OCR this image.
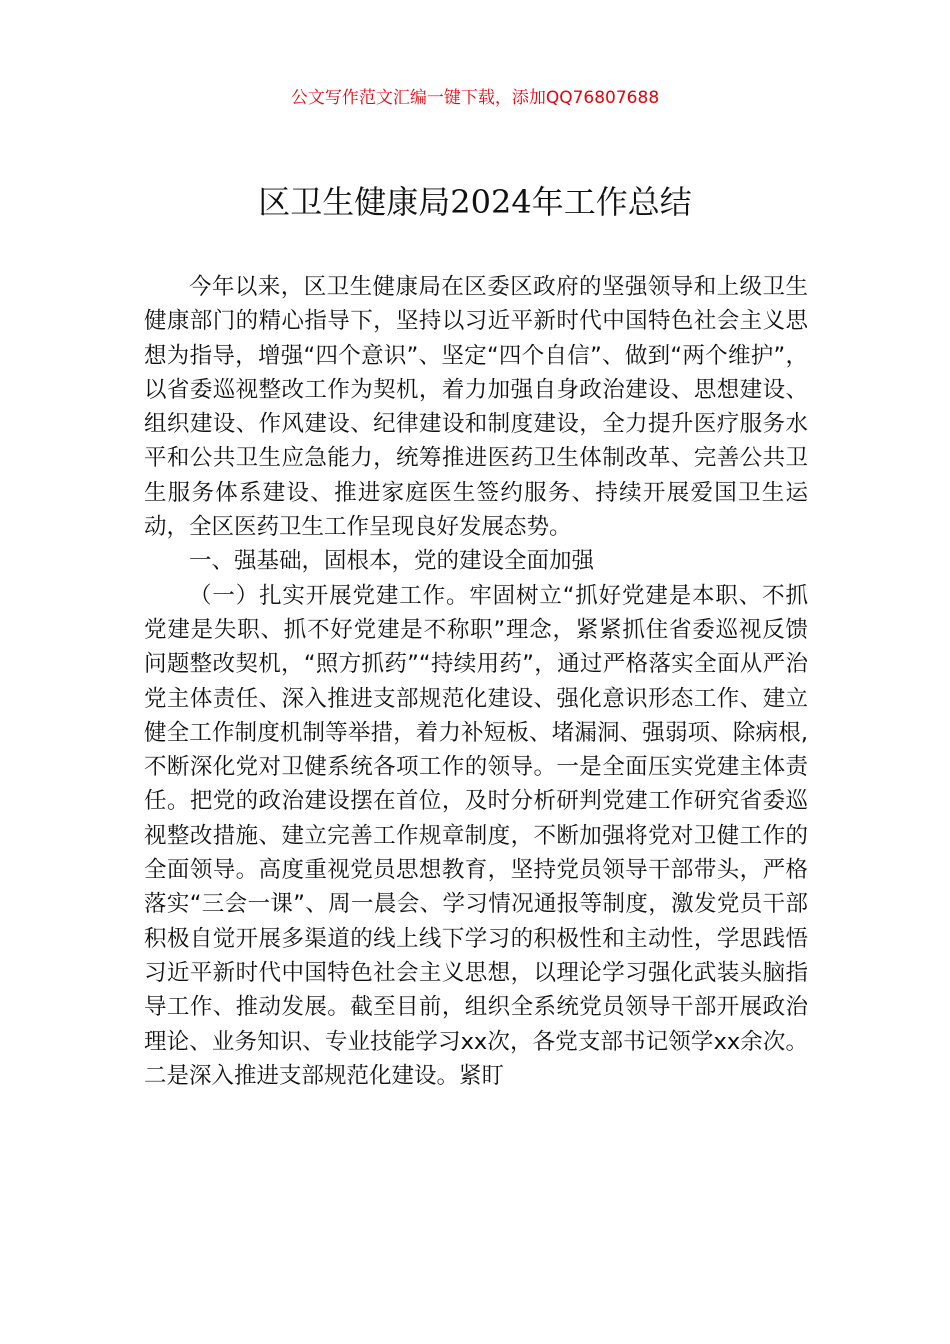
公文写作范文汇编一键下载，添加QQ76807688
区卫生健康局2024年工作总结

今年以来，区卫生健康局在区委区政府的坚强领导和上级卫生健康部门的精心指导下，坚持以习近平新时代中国特色社会主义思想为指导，增强“四个意识”、坚定“四个自信”、做到“两个维护”，以省委巡视整改工作为契机，着力加强自身政治建设、思想建设、组织建设、作风建设、纪律建设和制度建设，全力提升医疗服务水平和公共卫生应急能力，统筹推进医药卫生体制改革、完善公共卫生服务体系建设、推进家庭医生签约服务、持续开展爱国卫生运动，全区医药卫生工作呈现良好发展态势。

一、强基础，固根本，党的建设全面加强

（一）扎实开展党建工作。牢固树立“抓好党建是本职、不抓党建是失职、抓不好党建是不称职”理念，紧紧抓住省委巡视反馈问题整改契机，“照方抓药”“持续用药”，通过严格落实全面从严治党主体责任、深入推进支部规范化建设、强化意识形态工作、建立健全工作制度机制等举措，着力补短板、堵漏洞、强弱项、除病根,不断深化党对卫健系统各项工作的领导。一是全面压实党建主体责任。把党的政治建设摆在首位，及时分析研判党建工作研究省委巡视整改措施、建立完善工作规章制度，不断加强将党对卫健工作的全面领导。高度重视党员思想教育，坚持党员领导干部带头，严格落实“三会一课”、周一晨会、学习情况通报等制度，激发党员干部积极自觉开展多渠道的线上线下学习的积极性和主动性，学思践悟习近平新时代中国特色社会主义思想，以理论学习强化武装头脑指导工作、推动发展。截至目前，组织全系统党员领导干部开展政治理论、业务知识、专业技能学习xx次，各党支部书记领学xx余次。二是深入推进支部规范化建设。紧盯
